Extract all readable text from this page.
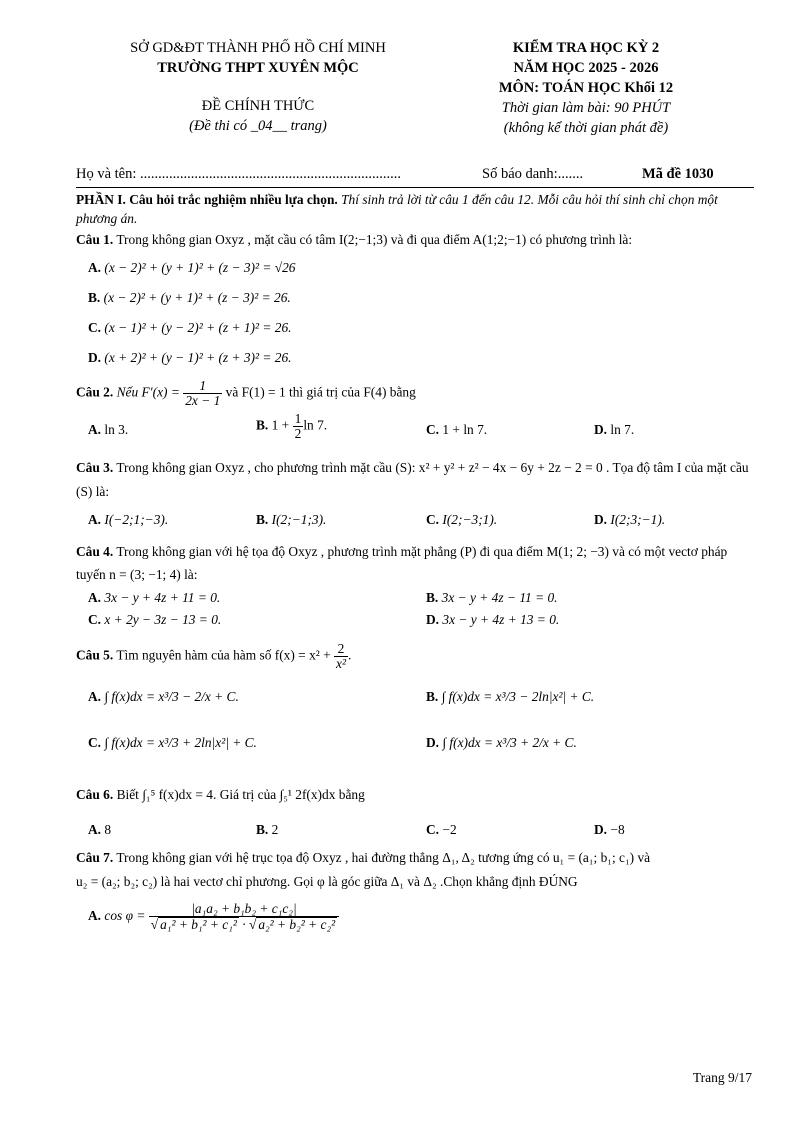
SỞ GD&ĐT THÀNH PHỐ HỒ CHÍ MINH
TRƯỜNG THPT XUYÊN MỘC
ĐỀ CHÍNH THỨC
(Đề thi có _04__ trang)
KIỂM TRA HỌC KỲ 2
NĂM HỌC 2025 - 2026
MÔN: TOÁN HỌC Khối 12
Thời gian làm bài: 90 PHÚT
(không kể thời gian phát đề)
Họ và tên: ........................................................................	Số báo danh:.......	Mã đề 1030

PHẦN I. Câu hỏi trắc nghiệm nhiều lựa chọn. Thí sinh trả lời từ câu 1 đến câu 12. Mỗi câu hỏi thí sinh chỉ chọn một phương án.

Câu 1. Trong không gian Oxyz , mặt cầu có tâm I(2;−1;3) và đi qua điểm A(1;2;−1) có phương trình là:

A. (x − 2)² + (y + 1)² + (z − 3)² = √26
B. (x − 2)² + (y + 1)² + (z − 3)² = 26.
C. (x − 1)² + (y − 2)² + (z + 1)² = 26.
D. (x + 2)² + (y − 1)² + (z + 3)² = 26.

Câu 2. Nếu $F'(x) = \frac{1}{2x - 1}$ và F(1) = 1 thì giá trị của F(4) bằng

A. ln 3.	B. $1 + \frac{1}{2}$ ln 7.	C. 1 + ln 7.	D. ln 7.

Câu 3. Trong không gian Oxyz , cho phương trình mặt cầu (S): x² + y² + z² − 4x − 6y + 2z − 2 = 0 . Tọa độ tâm I của mặt cầu (S) là:

A. I(−2;1;−3).	B. I(2;−1;3).	C. I(2;−3;1).	D. I(2;3;−1).

Câu 4. Trong không gian với hệ tọa độ Oxyz , phương trình mặt phẳng (P) đi qua điểm M(1; 2; −3) và có một vectơ pháp tuyến n = (3; −1; 4) là:

A. 3x − y + 4z + 11 = 0.	B. 3x − y + 4z − 11 = 0.
C. x + 2y − 3z − 13 = 0.	D. 3x − y + 4z + 13 = 0.

Câu 5. Tìm nguyên hàm của hàm số $f(x) = x^2 + \frac{2}{\text{x²}}$ .

A. ∫ f(x)dx = x³/3 − 2/x + C.	B. ∫ f(x)dx = x³/3 − 2ln|x²| + C.
C. ∫ f(x)dx = x³/3 + 2ln|x²| + C.	D. ∫ f(x)dx = x³/3 + 2/x + C.

Câu 6. Biết ∫₁⁵ f(x)dx = 4. Giá trị của ∫₅¹ 2f(x)dx bằng

A. 8	B. 2	C. −2	D. −8

Câu 7. Trong không gian với hệ trục tọa độ Oxyz , hai đường thẳng Δ₁, Δ₂ tương ứng có u₁ = (a₁; b₁; c₁) và

u₂ = (a₂; b₂; c₂) là hai vectơ chỉ phương. Gọi φ là góc giữa Δ₁ và Δ₂ .Chọn khẳng định ĐÚNG

A. $\cos \varphi = \frac{\text{|a₁a₂ + b₁b₂ + c₁c₂|}}{\text{√ a₁² + b₁² + c₁² · √ a₂² + b₂² + c₂²}}$
Trang 9/17
